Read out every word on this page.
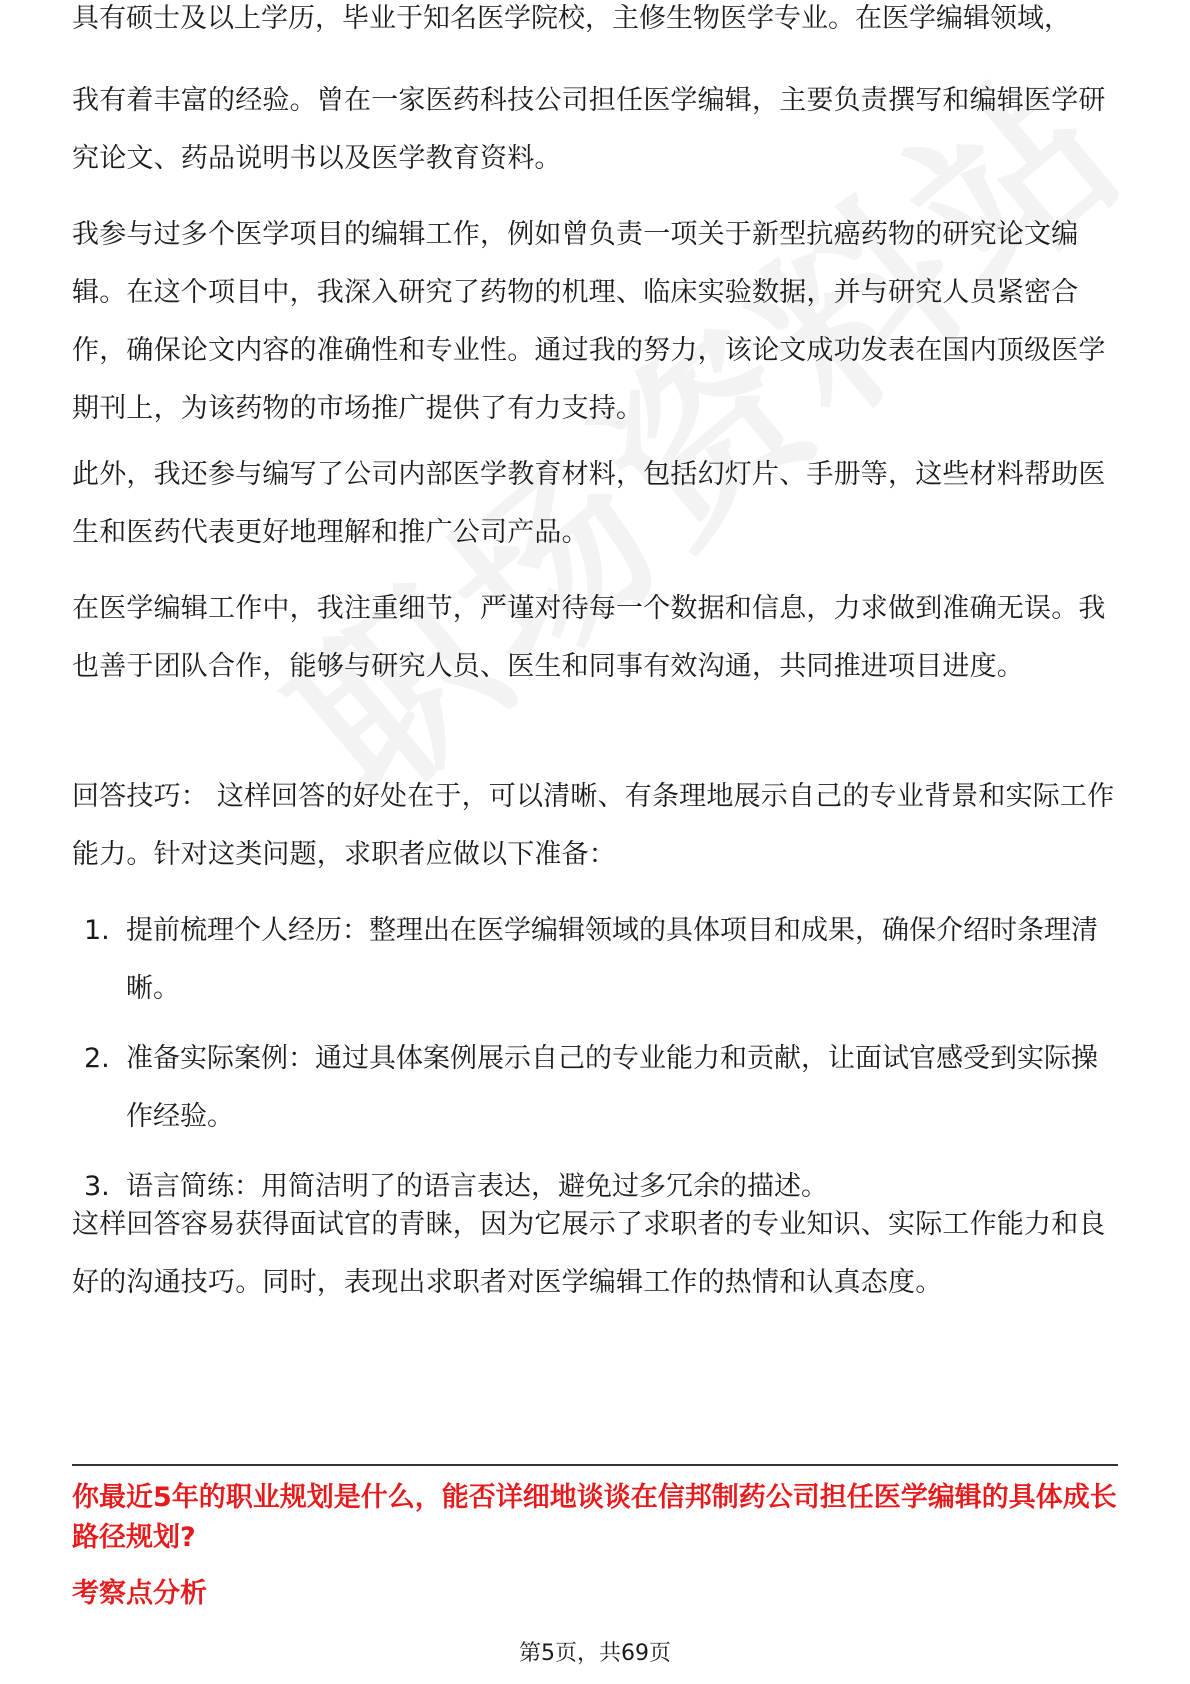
具有硕士及以上学历，毕业于知名医学院校，主修生物医学专业。在医学编辑领域，

我有着丰富的经验。曾在一家医药科技公司担任医学编辑，主要负责撰写和编辑医学研究论文、药品说明书以及医学教育资料。

我参与过多个医学项目的编辑工作，例如曾负责一项关于新型抗癌药物的研究论文编辑。在这个项目中，我深入研究了药物的机理、临床实验数据，并与研究人员紧密合作，确保论文内容的准确性和专业性。通过我的努力，该论文成功发表在国内顶级医学期刊上，为该药物的市场推广提供了有力支持。

此外，我还参与编写了公司内部医学教育材料，包括幻灯片、手册等，这些材料帮助医生和医药代表更好地理解和推广公司产品。

在医学编辑工作中，我注重细节，严谨对待每一个数据和信息，力求做到准确无误。我也善于团队合作，能够与研究人员、医生和同事有效沟通，共同推进项目进度。

回答技巧： 这样回答的好处在于，可以清晰、有条理地展示自己的专业背景和实际工作能力。针对这类问题，求职者应做以下准备：

1. 提前梳理个人经历：整理出在医学编辑领域的具体项目和成果，确保介绍时条理清晰。
2. 准备实际案例：通过具体案例展示自己的专业能力和贡献，让面试官感受到实际操作经验。
3. 语言简练：用简洁明了的语言表达，避免过多冗余的描述。

这样回答容易获得面试官的青睐，因为它展示了求职者的专业知识、实际工作能力和良好的沟通技巧。同时，表现出求职者对医学编辑工作的热情和认真态度。

你最近5年的职业规划是什么，能否详细地谈谈在信邦制药公司担任医学编辑的具体成长路径规划?

考察点分析

第5页，共69页
